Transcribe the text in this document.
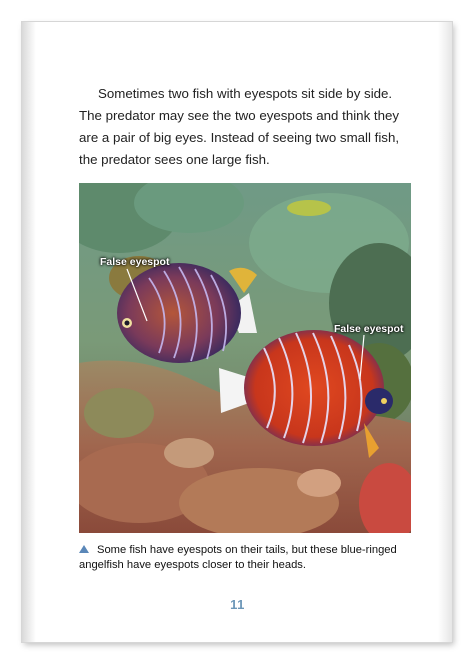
Sometimes two fish with eyespots sit side by side. The predator may see the two eyespots and think they are a pair of big eyes. Instead of seeing two small fish, the predator sees one large fish.

False eyespot
False eyespot

Some fish have eyespots on their tails, but these blue-ringed angelfish have eyespots closer to their heads.

11
